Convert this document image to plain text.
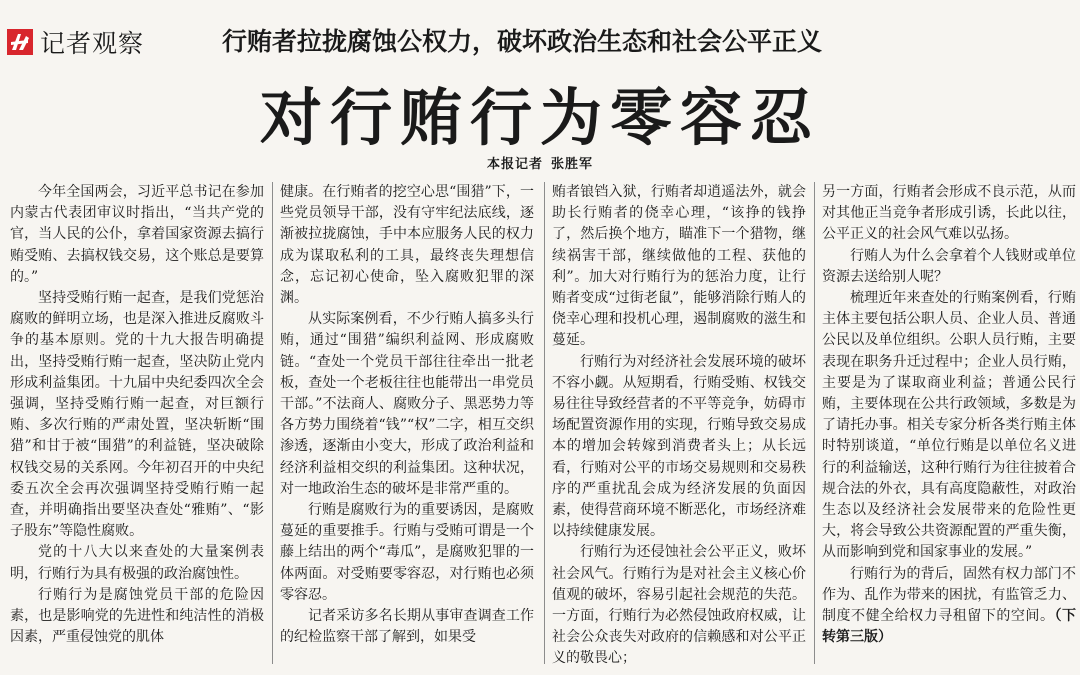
记者观察	行贿者拉拢腐蚀公权力，破坏政治生态和社会公平正义
对行贿行为零容忍
本报记者 张胜军

今年全国两会，习近平总书记在参加内蒙古代表团审议时指出，“当共产党的官，当人民的公仆，拿着国家资源去搞行贿受贿、去搞权钱交易，这个账总是要算的。”

坚持受贿行贿一起查，是我们党惩治腐败的鲜明立场，也是深入推进反腐败斗争的基本原则。党的十九大报告明确提出，坚持受贿行贿一起查，坚决防止党内形成利益集团。十九届中央纪委四次全会强调，坚持受贿行贿一起查，对巨额行贿、多次行贿的严肃处置，坚决斩断“围猎”和甘于被“围猎”的利益链，坚决破除权钱交易的关系网。今年初召开的中央纪委五次全会再次强调坚持受贿行贿一起查，并明确指出要坚决查处“雅贿”、“影子股东”等隐性腐败。

党的十八大以来查处的大量案例表明，行贿行为具有极强的政治腐蚀性。

行贿行为是腐蚀党员干部的危险因素，也是影响党的先进性和纯洁性的消极因素，严重侵蚀党的肌体

健康。在行贿者的挖空心思“围猎”下，一些党员领导干部，没有守牢纪法底线，逐渐被拉拢腐蚀，手中本应服务人民的权力成为谋取私利的工具，最终丧失理想信念，忘记初心使命，坠入腐败犯罪的深渊。

从实际案例看，不少行贿人搞多头行贿，通过“围猎”编织利益网、形成腐败链。“查处一个党员干部往往牵出一批老板，查处一个老板往往也能带出一串党员干部。”不法商人、腐败分子、黑恶势力等各方势力围绕着“钱”“权”二字，相互交织渗透，逐渐由小变大，形成了政治利益和经济利益相交织的利益集团。这种状况，对一地政治生态的破坏是非常严重的。

行贿是腐败行为的重要诱因，是腐败蔓延的重要推手。行贿与受贿可谓是一个藤上结出的两个“毒瓜”，是腐败犯罪的一体两面。对受贿要零容忍，对行贿也必须零容忍。

记者采访多名长期从事审查调查工作的纪检监察干部了解到，如果受

贿者锒铛入狱，行贿者却逍遥法外，就会助长行贿者的侥幸心理，“该挣的钱挣了，然后换个地方，瞄准下一个猎物，继续祸害干部，继续做他的工程、获他的利”。加大对行贿行为的惩治力度，让行贿者变成“过街老鼠”，能够消除行贿人的侥幸心理和投机心理，遏制腐败的滋生和蔓延。

行贿行为对经济社会发展环境的破坏不容小觑。从短期看，行贿受贿、权钱交易往往导致经营者的不平等竞争，妨碍市场配置资源作用的实现，行贿导致交易成本的增加会转嫁到消费者头上；从长远看，行贿对公平的市场交易规则和交易秩序的严重扰乱会成为经济发展的负面因素，使得营商环境不断恶化，市场经济难以持续健康发展。

行贿行为还侵蚀社会公平正义，败坏社会风气。行贿行为是对社会主义核心价值观的破坏，容易引起社会规范的失范。一方面，行贿行为必然侵蚀政府权威，让社会公众丧失对政府的信赖感和对公平正义的敬畏心；

另一方面，行贿者会形成不良示范，从而对其他正当竞争者形成引诱，长此以往，公平正义的社会风气难以弘扬。

行贿人为什么会拿着个人钱财或单位资源去送给别人呢？

梳理近年来查处的行贿案例看，行贿主体主要包括公职人员、企业人员、普通公民以及单位组织。公职人员行贿，主要表现在职务升迁过程中；企业人员行贿，主要是为了谋取商业利益；普通公民行贿，主要体现在公共行政领域，多数是为了请托办事。相关专家分析各类行贿主体时特别谈道，“单位行贿是以单位名义进行的利益输送，这种行贿行为往往披着合规合法的外衣，具有高度隐蔽性，对政治生态以及经济社会发展带来的危险性更大，将会导致公共资源配置的严重失衡，从而影响到党和国家事业的发展。”

行贿行为的背后，固然有权力部门不作为、乱作为带来的困扰，有监管乏力、制度不健全给权力寻租留下的空间。（下转第三版）
